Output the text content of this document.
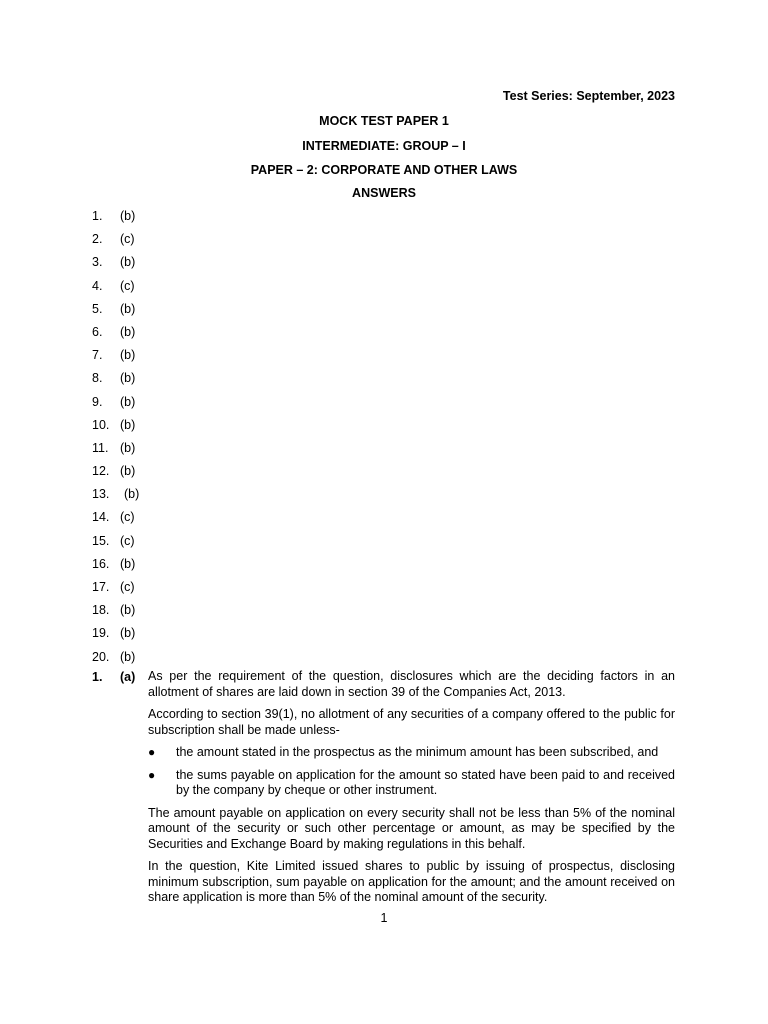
Test Series: September, 2023
MOCK TEST PAPER 1
INTERMEDIATE: GROUP – I
PAPER – 2: CORPORATE AND OTHER LAWS
ANSWERS
1.	(b)
2.	(c)
3.	(b)
4.	(c)
5.	(b)
6.	(b)
7.	(b)
8.	(b)
9.	(b)
10. (b)
11. (b)
12. (b)
13.	(b)
14. (c)
15. (c)
16. (b)
17. (c)
18. (b)
19. (b)
20. (b)
1. (a) As per the requirement of the question, disclosures which are the deciding factors in an allotment of shares are laid down in section 39 of the Companies Act, 2013.

According to section 39(1), no allotment of any securities of a company offered to the public for subscription shall be made unless-

●	the amount stated in the prospectus as the minimum amount has been subscribed, and
●	the sums payable on application for the amount so stated have been paid to and received by the company by cheque or other instrument.

The amount payable on application on every security shall not be less than 5% of the nominal amount of the security or such other percentage or amount, as may be specified by the Securities and Exchange Board by making regulations in this behalf.

In the question, Kite Limited issued shares to public by issuing of prospectus, disclosing minimum subscription, sum payable on application for the amount; and the amount received on share application is more than 5% of the nominal amount of the security.

1
